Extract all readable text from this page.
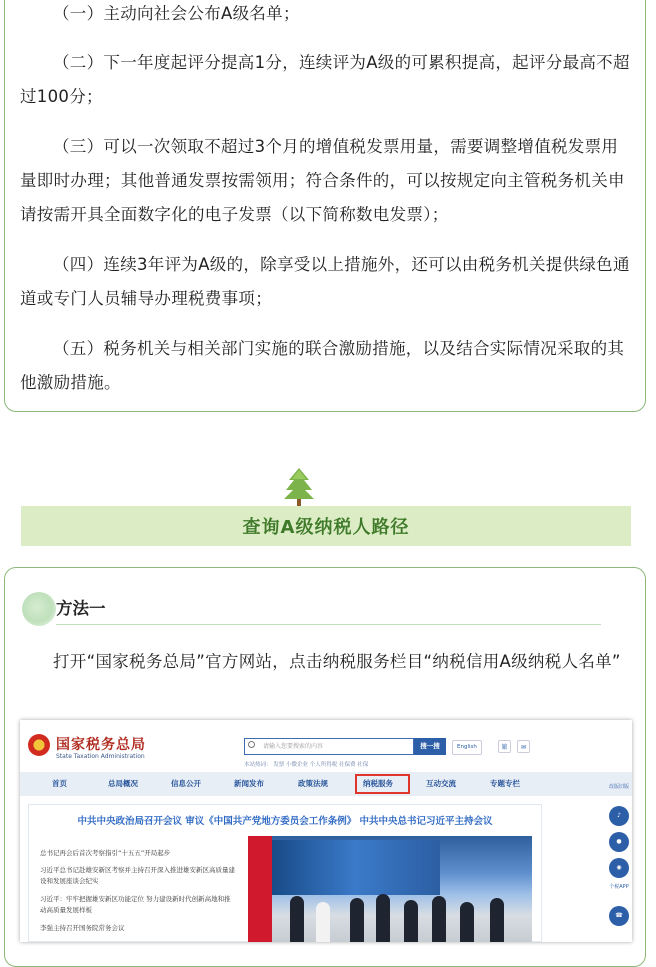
（一）主动向社会公布A级名单；

（二）下一年度起评分提高1分，连续评为A级的可累积提高，起评分最高不超过100分；

（三）可以一次领取不超过3个月的增值税发票用量，需要调整增值税发票用量即时办理；其他普通发票按需领用；符合条件的，可以按规定向主管税务机关申请按需开具全面数字化的电子发票（以下简称数电发票）；

（四）连续3年评为A级的，除享受以上措施外，还可以由税务机关提供绿色通道或专门人员辅导办理税费事项；

（五）税务机关与相关部门实施的联合激励措施，以及结合实际情况采取的其他激励措施。

查询A级纳税人路径
方法一

打开“国家税务总局”官方网站，点击纳税服务栏目“纳税信用A级纳税人名单”

国家税务总局
State Taxation Administration
请输入您要搜索的内容	搜一搜	English	繁	✉
本站热词： 发票 小微企业 个人所得税 社保费 社保
首页	总局概况	信息公开	新闻发布	政策法规	纳税服务	互动交流	专题专栏
中共中央政治局召开会议 审议《中国共产党地方委员会工作条例》 中共中央总书记习近平主持会议
总书记再会后首次考察指引“十五五”开局起步
习近平总书记赴雄安新区考察并主持召开深入推进雄安新区高质量建设和发展座谈会纪实
习近平：牢牢把握雄安新区功能定位 努力建设新时代创新高地和推动高质量发展样板
李强主持召开国务院常务会议
改版旧版
♪
●
◉
个税APP
☎
